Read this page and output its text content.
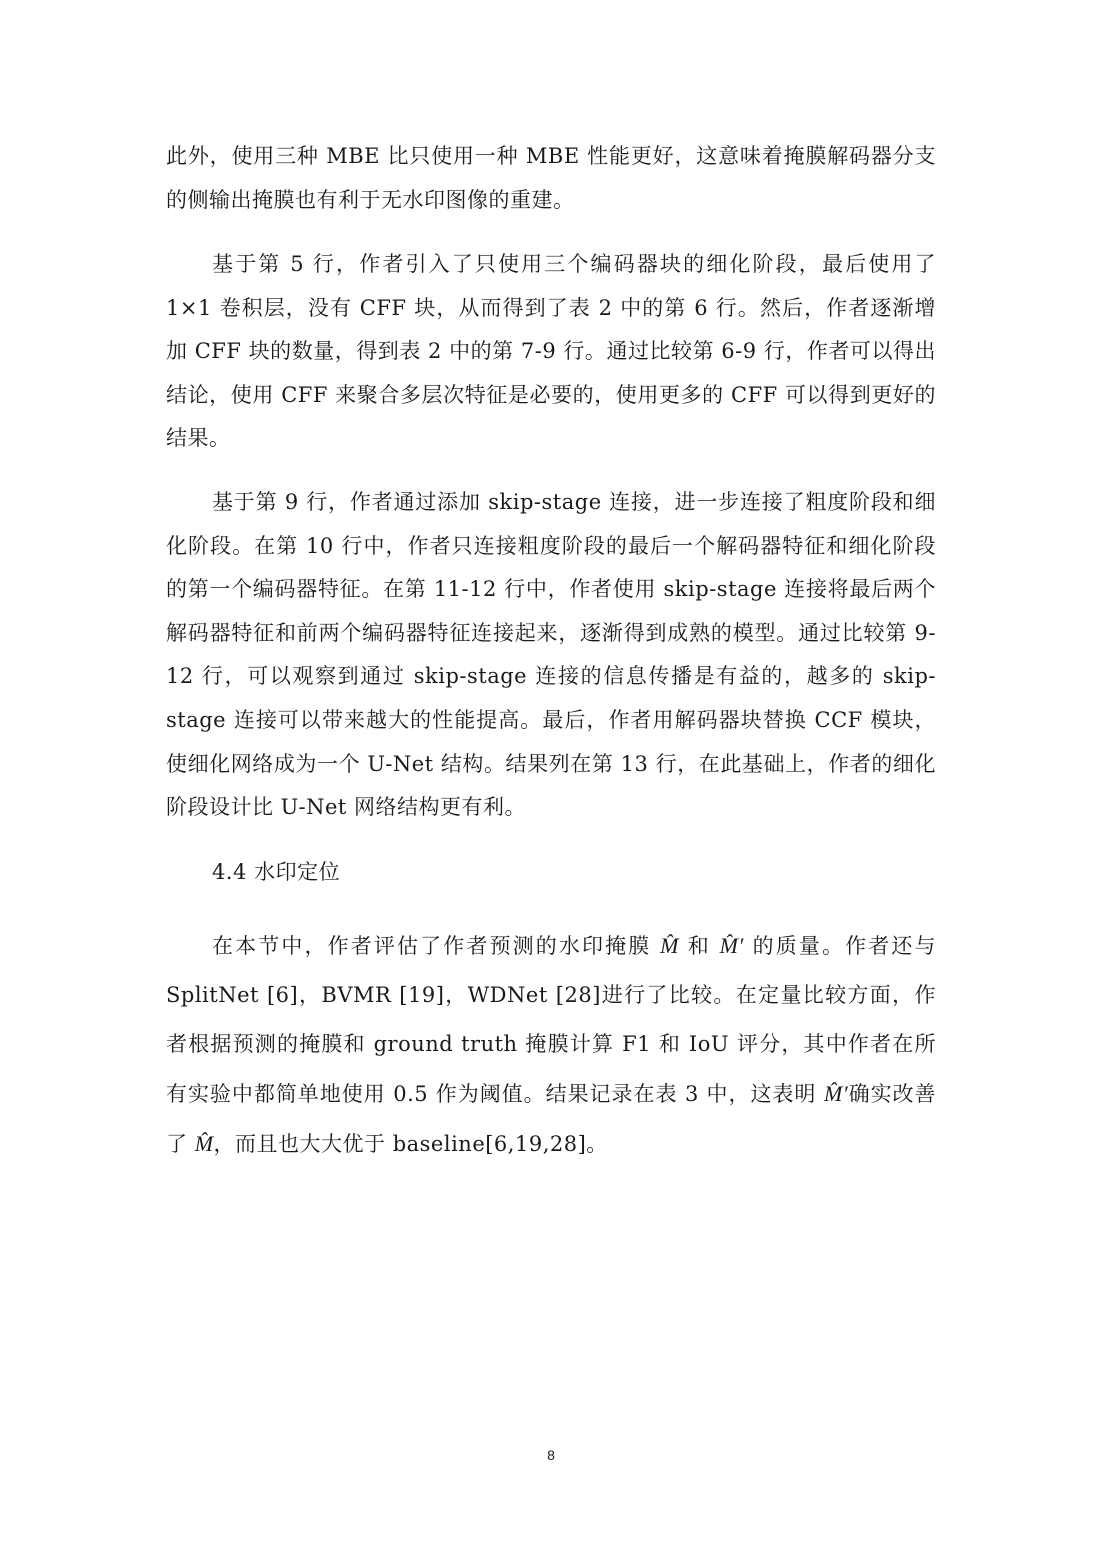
此外，使用三种 MBE 比只使用一种 MBE 性能更好，这意味着掩膜解码器分支的侧输出掩膜也有利于无水印图像的重建。

基于第 5 行，作者引入了只使用三个编码器块的细化阶段，最后使用了 1×1 卷积层，没有 CFF 块，从而得到了表 2 中的第 6 行。然后，作者逐渐增加 CFF 块的数量，得到表 2 中的第 7-9 行。通过比较第 6-9 行，作者可以得出结论，使用 CFF 来聚合多层次特征是必要的，使用更多的 CFF 可以得到更好的结果。

基于第 9 行，作者通过添加 skip-stage 连接，进一步连接了粗度阶段和细化阶段。在第 10 行中，作者只连接粗度阶段的最后一个解码器特征和细化阶段的第一个编码器特征。在第 11-12 行中，作者使用 skip-stage 连接将最后两个解码器特征和前两个编码器特征连接起来，逐渐得到成熟的模型。通过比较第 9-12 行，可以观察到通过 skip-stage 连接的信息传播是有益的，越多的 skip-stage 连接可以带来越大的性能提高。最后，作者用解码器块替换 CCF 模块，使细化网络成为一个 U-Net 结构。结果列在第 13 行，在此基础上，作者的细化阶段设计比 U-Net 网络结构更有利。

4.4 水印定位

在本节中，作者评估了作者预测的水印掩膜 M̂ 和 M̂′ 的质量。作者还与 SplitNet [6]，BVMR [19]，WDNet [28]进行了比较。在定量比较方面，作者根据预测的掩膜和 ground truth 掩膜计算 F1 和 IoU 评分，其中作者在所有实验中都简单地使用 0.5 作为阈值。结果记录在表 3 中，这表明 M̂′确实改善了 M̂，而且也大大优于 baseline[6,19,28]。

8
